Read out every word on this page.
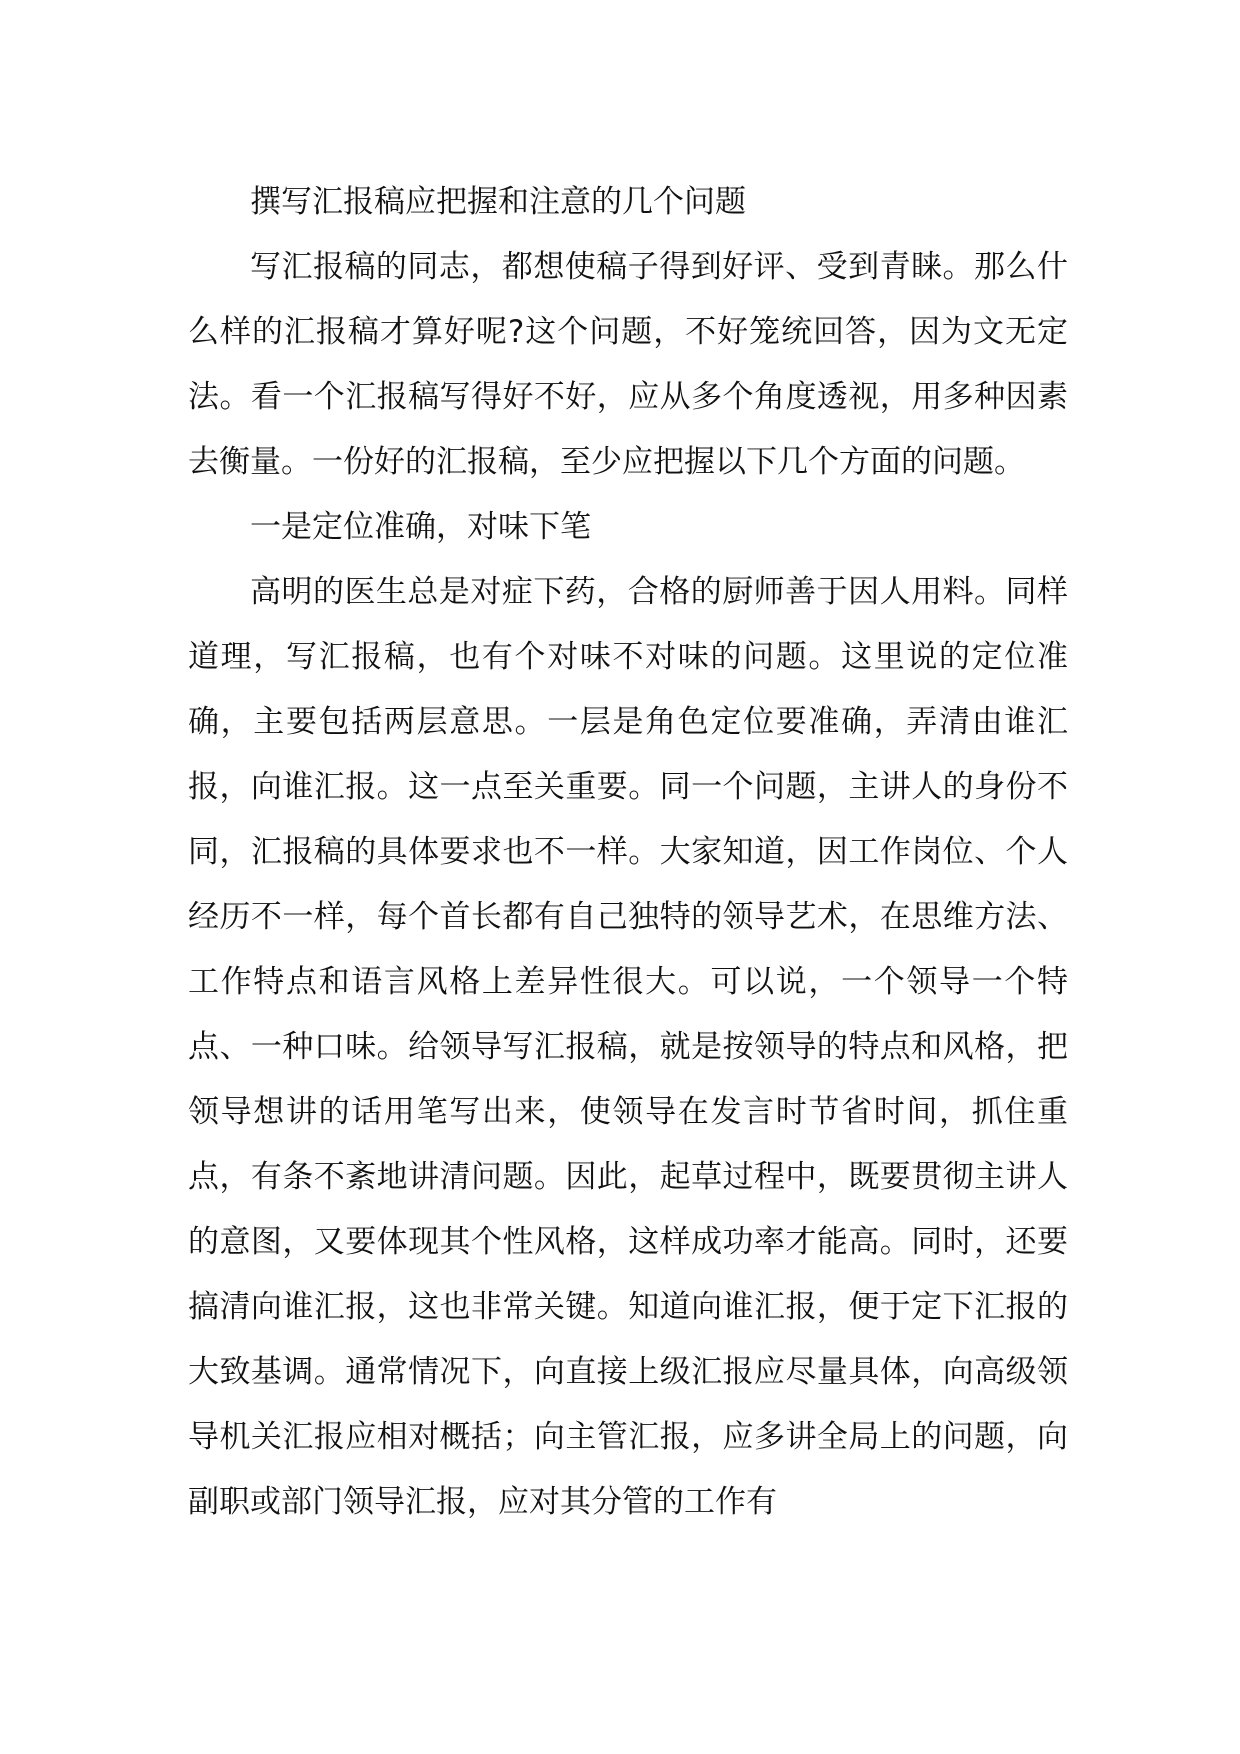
撰写汇报稿应把握和注意的几个问题

写汇报稿的同志，都想使稿子得到好评、受到青睐。那么什么样的汇报稿才算好呢?这个问题，不好笼统回答，因为文无定法。看一个汇报稿写得好不好，应从多个角度透视，用多种因素去衡量。一份好的汇报稿，至少应把握以下几个方面的问题。

一是定位准确，对味下笔

高明的医生总是对症下药，合格的厨师善于因人用料。同样道理，写汇报稿，也有个对味不对味的问题。这里说的定位准确，主要包括两层意思。一层是角色定位要准确，弄清由谁汇报，向谁汇报。这一点至关重要。同一个问题，主讲人的身份不同，汇报稿的具体要求也不一样。大家知道，因工作岗位、个人经历不一样，每个首长都有自己独特的领导艺术，在思维方法、工作特点和语言风格上差异性很大。可以说，一个领导一个特点、一种口味。给领导写汇报稿，就是按领导的特点和风格，把领导想讲的话用笔写出来，使领导在发言时节省时间，抓住重点，有条不紊地讲清问题。因此，起草过程中，既要贯彻主讲人的意图，又要体现其个性风格，这样成功率才能高。同时，还要搞清向谁汇报，这也非常关键。知道向谁汇报，便于定下汇报的大致基调。通常情况下，向直接上级汇报应尽量具体，向高级领导机关汇报应相对概括；向主管汇报，应多讲全局上的问题，向副职或部门领导汇报，应对其分管的工作有
